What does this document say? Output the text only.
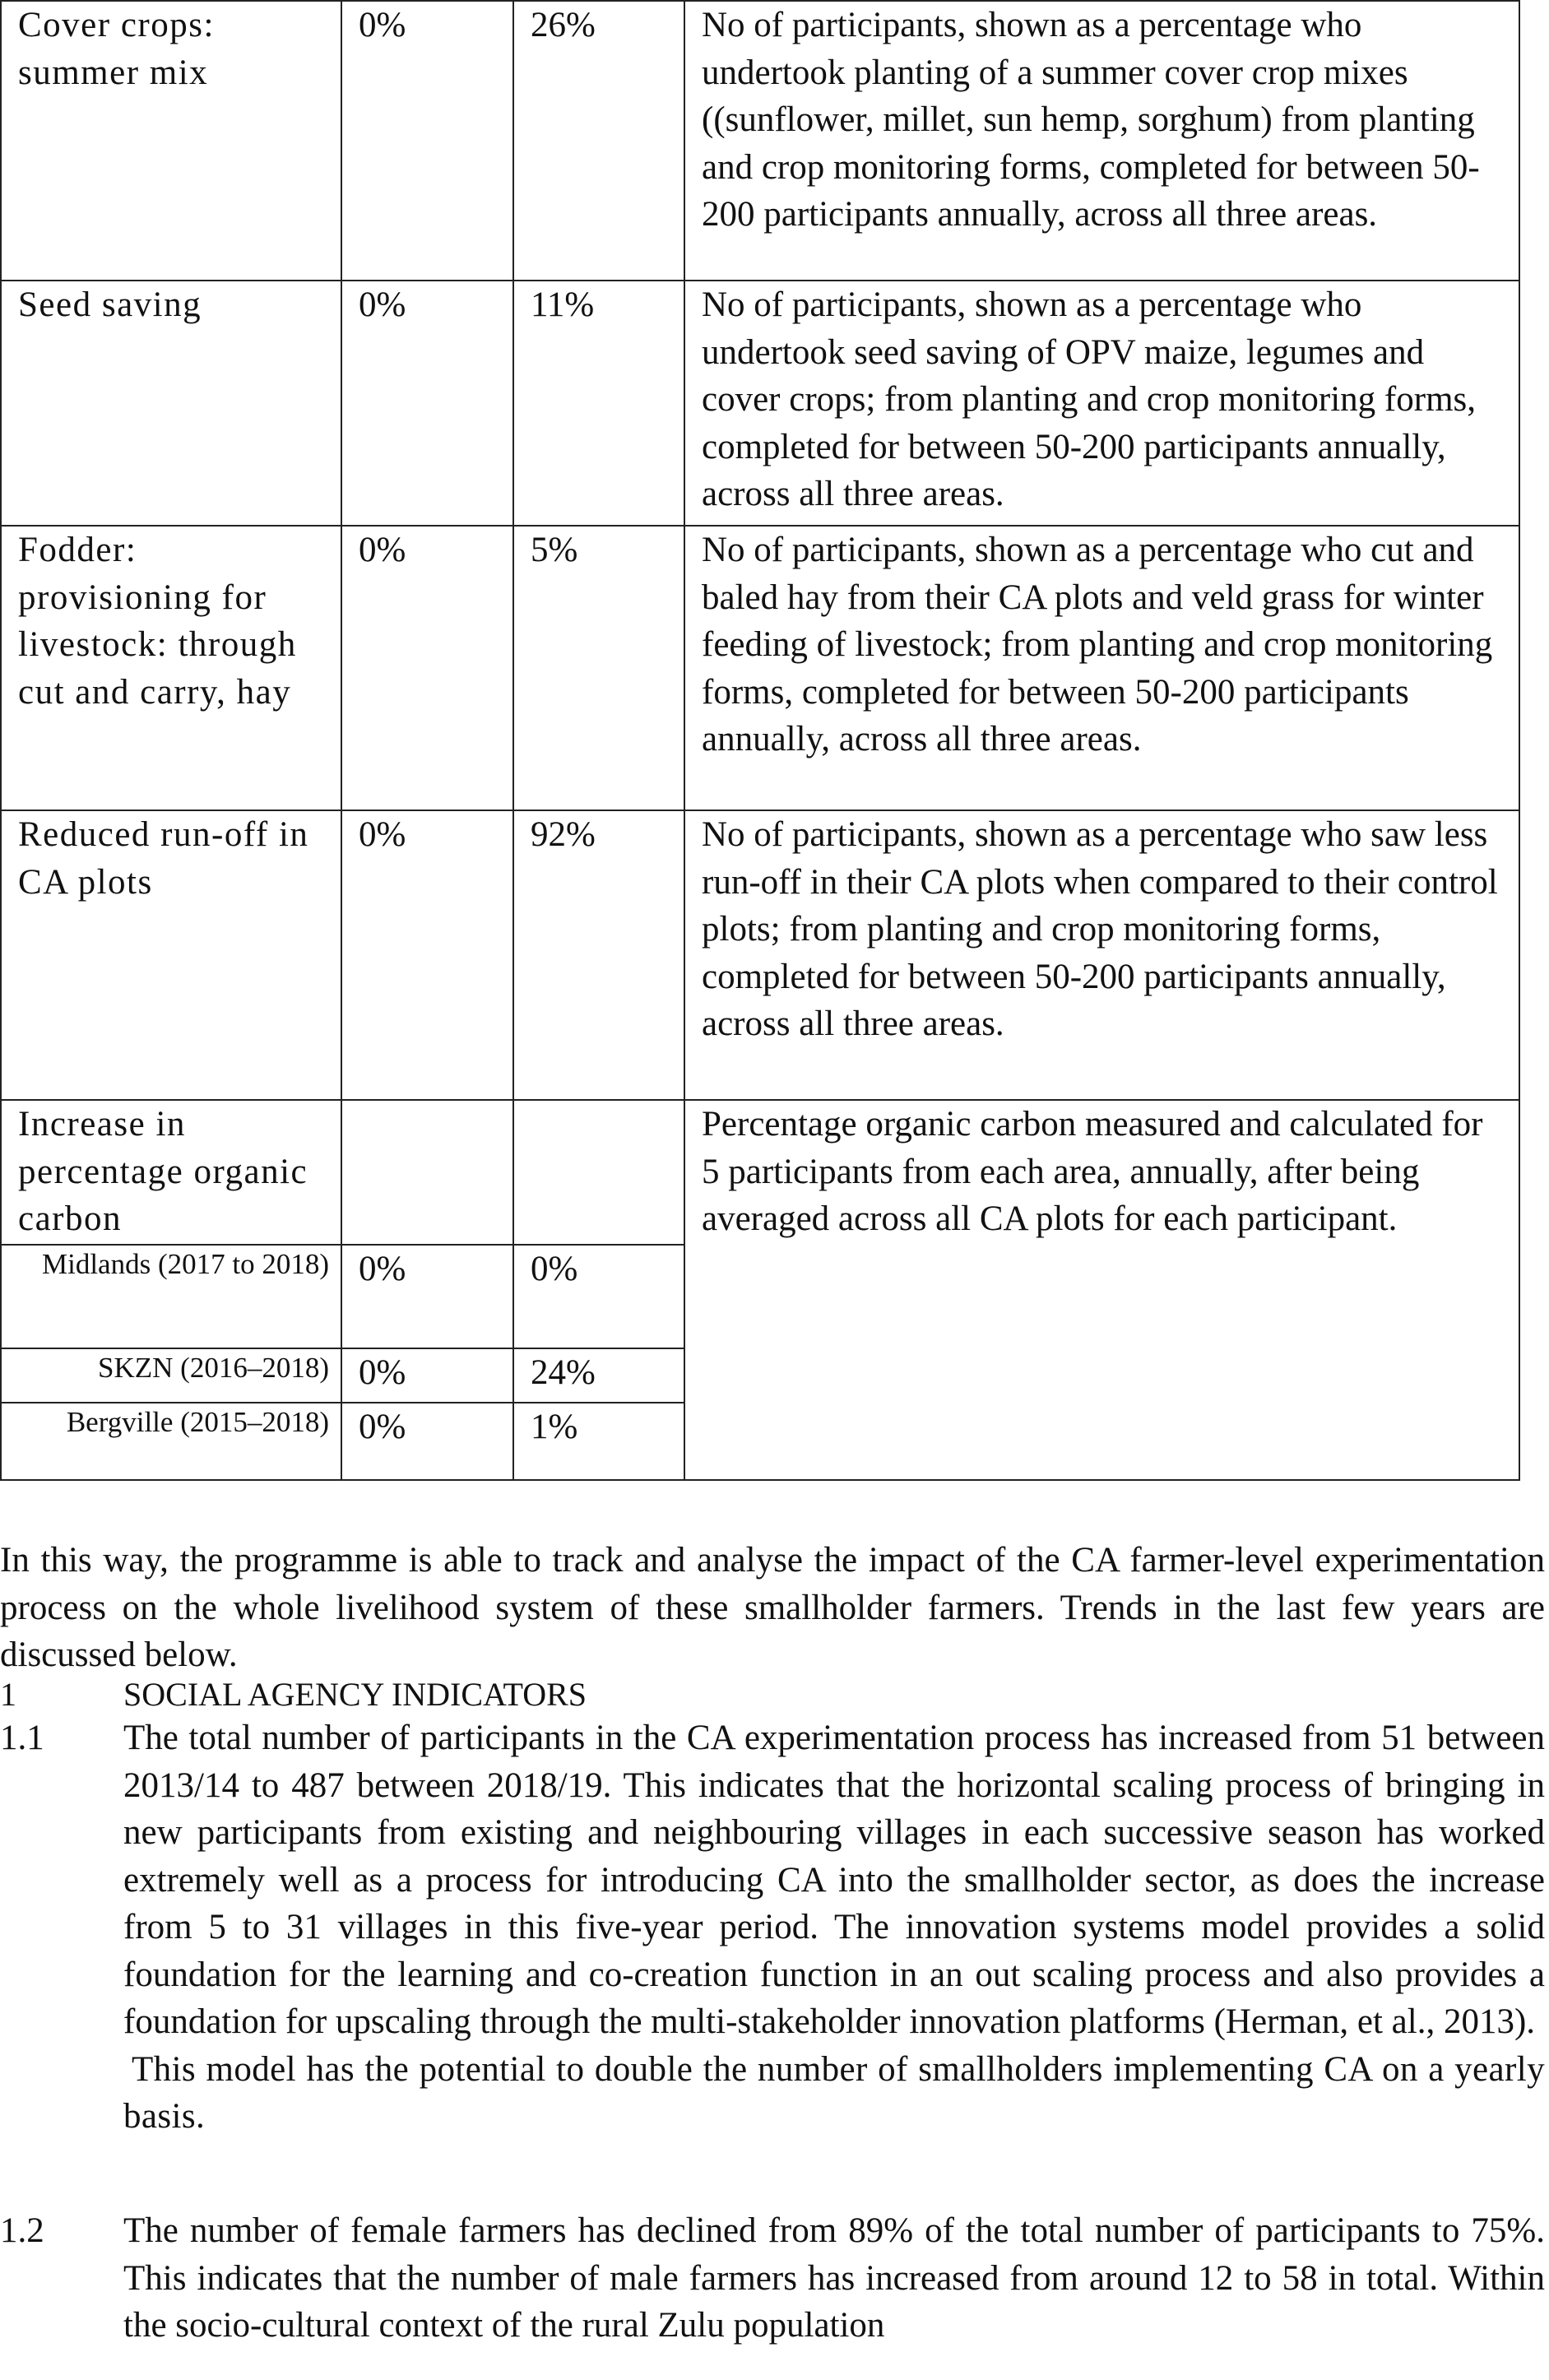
Cover crops: summer mix	0%	26%	No of participants, shown as a percentage who undertook planting of a summer cover crop mixes ((sunflower, millet, sun hemp, sorghum) from planting and crop monitoring forms, completed for between 50-200 participants annually, across all three areas.
Seed saving	0%	11%	No of participants, shown as a percentage who undertook seed saving of OPV maize, legumes and cover crops; from planting and crop monitoring forms, completed for between 50-200 participants annually, across all three areas.
Fodder: provisioning for livestock: through cut and carry, hay	0%	5%	No of participants, shown as a percentage who cut and baled hay from their CA plots and veld grass for winter feeding of livestock; from planting and crop monitoring forms, completed for between 50-200 participants annually, across all three areas.
Reduced run-off in CA plots	0%	92%	No of participants, shown as a percentage who saw less run-off in their CA plots when compared to their control plots; from planting and crop monitoring forms, completed for between 50-200 participants annually, across all three areas.
Increase in percentage organic carbon			Percentage organic carbon measured and calculated for 5 participants from each area, annually, after being averaged across all CA plots for each participant.
Midlands (2017 to 2018)	0%	0%	
SKZN (2016–2018)	0%	24%	
Bergville (2015–2018)	0%	1%	

In this way, the programme is able to track and analyse the impact of the CA farmer-level experimentation process on the whole livelihood system of these smallholder farmers. Trends in the last few years are discussed below.

1	SOCIAL AGENCY INDICATORS
1.1 The total number of participants in the CA experimentation process has increased from 51 between 2013/14 to 487 between 2018/19. This indicates that the horizontal scaling process of bringing in new participants from existing and neighbouring villages in each successive season has worked extremely well as a process for introducing CA into the smallholder sector, as does the increase from 5 to 31 villages in this five-year period. The innovation systems model provides a solid foundation for the learning and co-creation function in an out scaling process and also provides a foundation for upscaling through the multi-stakeholder innovation platforms (Herman, et al., 2013).

This model has the potential to double the number of smallholders implementing CA on a yearly basis.

1.2 The number of female farmers has declined from 89% of the total number of participants to 75%. This indicates that the number of male farmers has increased from around 12 to 58 in total. Within the socio-cultural context of the rural Zulu population
